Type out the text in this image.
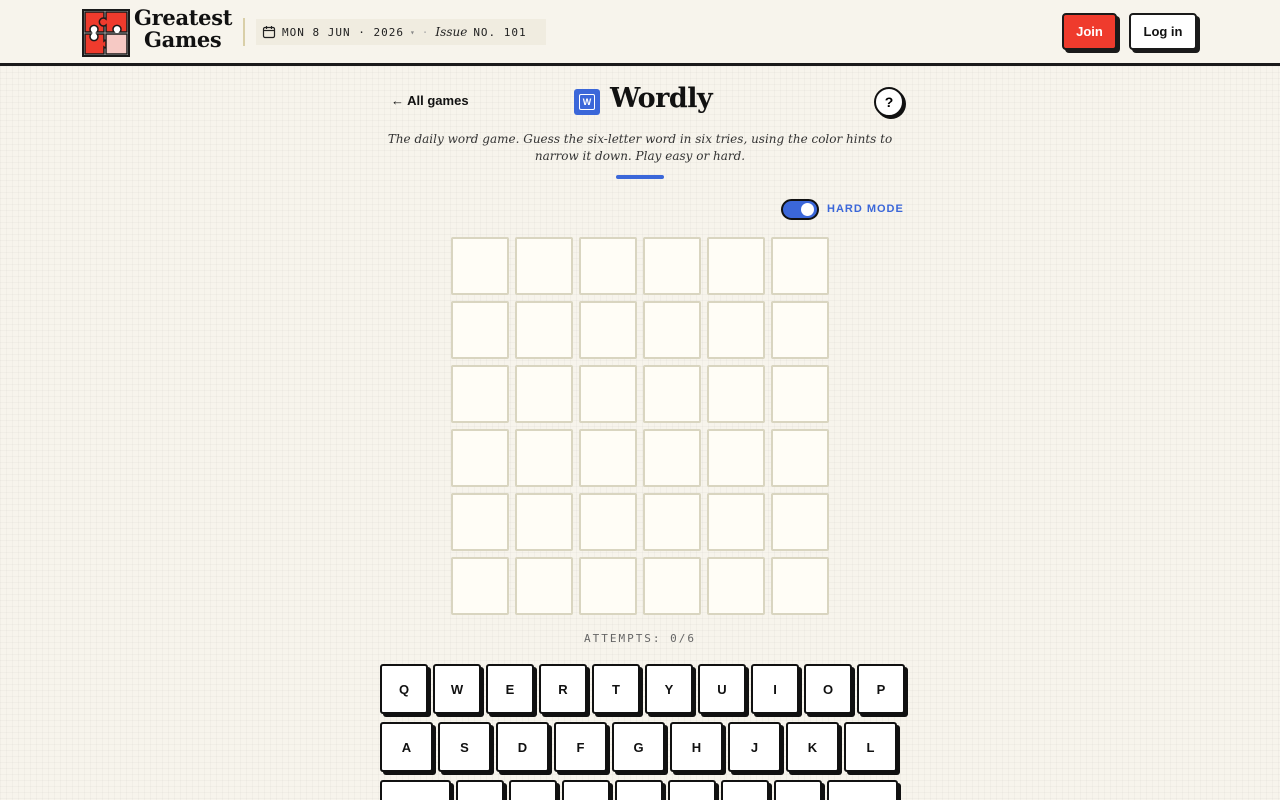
Greatest
Games	MON 8 JUN · 2026 ▾ · Issue NO. 101	Join	Log in
← All games	W Wordly	?

The daily word game. Guess the six-letter word in six tries, using the color hints to narrow it down. Play easy or hard.

HARD MODE
ATTEMPTS: 0/6
Q	W	E	R	T	Y	U	I	O	P
A	S	D	F	G	H	J	K	L
